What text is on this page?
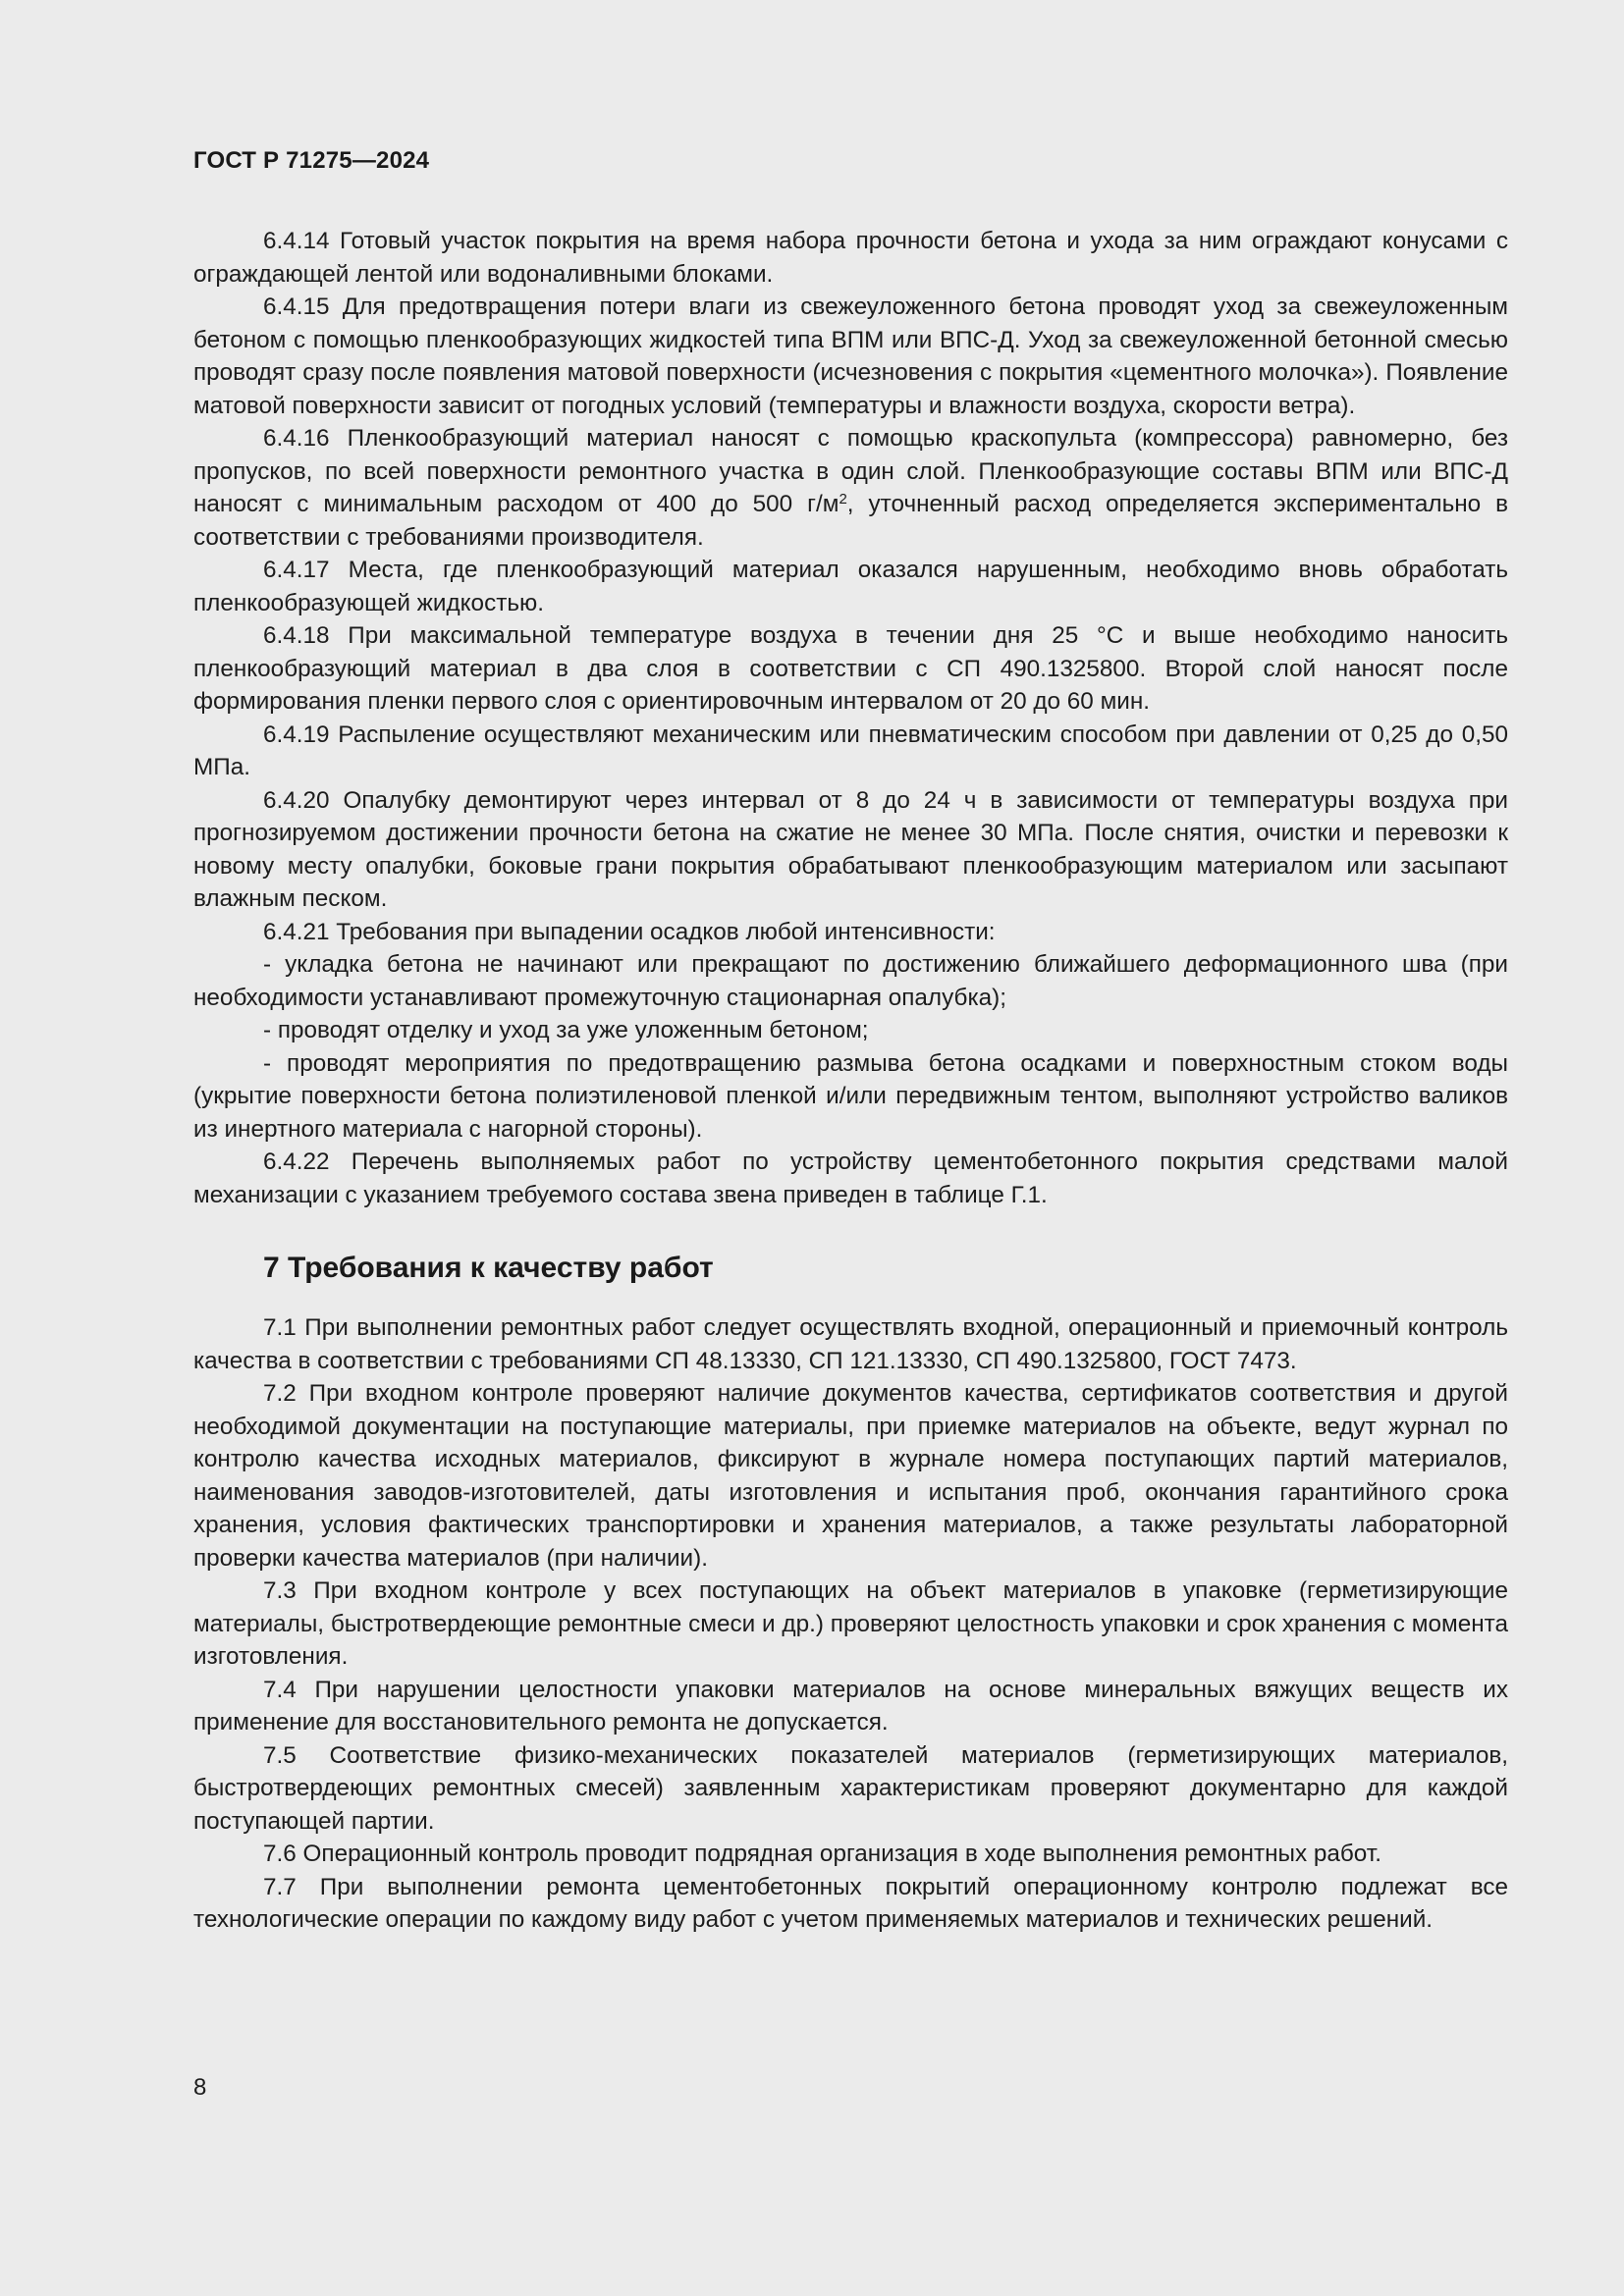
ГОСТ Р 71275—2024

6.4.14 Готовый участок покрытия на время набора прочности бетона и ухода за ним ограждают конусами с ограждающей лентой или водоналивными блоками.

6.4.15 Для предотвращения потери влаги из свежеуложенного бетона проводят уход за свежеуложенным бетоном с помощью пленкообразующих жидкостей типа ВПМ или ВПС-Д. Уход за свежеуложенной бетонной смесью проводят сразу после появления матовой поверхности (исчезновения с покрытия «цементного молочка»). Появление матовой поверхности зависит от погодных условий (температуры и влажности воздуха, скорости ветра).

6.4.16 Пленкообразующий материал наносят с помощью краскопульта (компрессора) равномерно, без пропусков, по всей поверхности ремонтного участка в один слой. Пленкообразующие составы ВПМ или ВПС-Д наносят с минимальным расходом от 400 до 500 $г/м^2$, уточненный расход определяется экспериментально в соответствии с требованиями производителя.

6.4.17 Места, где пленкообразующий материал оказался нарушенным, необходимо вновь обработать пленкообразующей жидкостью.

6.4.18 При максимальной температуре воздуха в течении дня 25 °С и выше необходимо наносить пленкообразующий материал в два слоя в соответствии с СП 490.1325800. Второй слой наносят после формирования пленки первого слоя с ориентировочным интервалом от 20 до 60 мин.

6.4.19 Распыление осуществляют механическим или пневматическим способом при давлении от 0,25 до 0,50 МПа.

6.4.20 Опалубку демонтируют через интервал от 8 до 24 ч в зависимости от температуры воздуха при прогнозируемом достижении прочности бетона на сжатие не менее 30 МПа. После снятия, очистки и перевозки к новому месту опалубки, боковые грани покрытия обрабатывают пленкообразующим материалом или засыпают влажным песком.

6.4.21 Требования при выпадении осадков любой интенсивности:

- укладка бетона не начинают или прекращают по достижению ближайшего деформационного шва (при необходимости устанавливают промежуточную стационарная опалубка);

- проводят отделку и уход за уже уложенным бетоном;

- проводят мероприятия по предотвращению размыва бетона осадками и поверхностным стоком воды (укрытие поверхности бетона полиэтиленовой пленкой и/или передвижным тентом, выполняют устройство валиков из инертного материала с нагорной стороны).

6.4.22 Перечень выполняемых работ по устройству цементобетонного покрытия средствами малой механизации с указанием требуемого состава звена приведен в таблице Г.1.

7 Требования к качеству работ

7.1 При выполнении ремонтных работ следует осуществлять входной, операционный и приемочный контроль качества в соответствии с требованиями СП 48.13330, СП 121.13330, СП 490.1325800, ГОСТ 7473.

7.2 При входном контроле проверяют наличие документов качества, сертификатов соответствия и другой необходимой документации на поступающие материалы, при приемке материалов на объекте, ведут журнал по контролю качества исходных материалов, фиксируют в журнале номера поступающих партий материалов, наименования заводов-изготовителей, даты изготовления и испытания проб, окончания гарантийного срока хранения, условия фактических транспортировки и хранения материалов, а также результаты лабораторной проверки качества материалов (при наличии).

7.3 При входном контроле у всех поступающих на объект материалов в упаковке (герметизирующие материалы, быстротвердеющие ремонтные смеси и др.) проверяют целостность упаковки и срок хранения с момента изготовления.

7.4 При нарушении целостности упаковки материалов на основе минеральных вяжущих веществ их применение для восстановительного ремонта не допускается.

7.5 Соответствие физико-механических показателей материалов (герметизирующих материалов, быстротвердеющих ремонтных смесей) заявленным характеристикам проверяют документарно для каждой поступающей партии.

7.6 Операционный контроль проводит подрядная организация в ходе выполнения ремонтных работ.

7.7 При выполнении ремонта цементобетонных покрытий операционному контролю подлежат все технологические операции по каждому виду работ с учетом применяемых материалов и технических решений.

8
